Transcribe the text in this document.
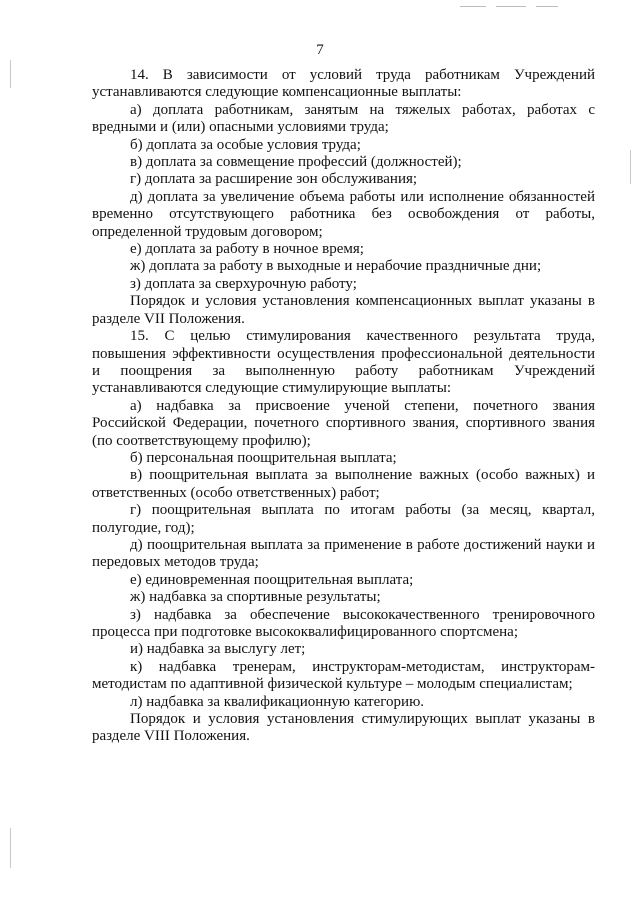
7

14. В зависимости от условий труда работникам Учреждений устанавливаются следующие компенсационные выплаты:

а) доплата работникам, занятым на тяжелых работах, работах с вредными и (или) опасными условиями труда;

б) доплата за особые условия труда;

в) доплата за совмещение профессий (должностей);

г) доплата за расширение зон обслуживания;

д) доплата за увеличение объема работы или исполнение обязанностей временно отсутствующего работника без освобождения от работы, определенной трудовым договором;

е) доплата за работу в ночное время;

ж) доплата за работу в выходные и нерабочие праздничные дни;

з) доплата за сверхурочную работу;

Порядок и условия установления компенсационных выплат указаны в разделе VII Положения.

15. С целью стимулирования качественного результата труда, повышения эффективности осуществления профессиональной деятельности и поощрения за выполненную работу работникам Учреждений устанавливаются следующие стимулирующие выплаты:

а) надбавка за присвоение ученой степени, почетного звания Российской Федерации, почетного спортивного звания, спортивного звания (по соответствующему профилю);

б) персональная поощрительная выплата;

в) поощрительная выплата за выполнение важных (особо важных) и ответственных (особо ответственных) работ;

г) поощрительная выплата по итогам работы (за месяц, квартал, полугодие, год);

д) поощрительная выплата за применение в работе достижений науки и передовых методов труда;

е) единовременная поощрительная выплата;

ж) надбавка за спортивные результаты;

з) надбавка за обеспечение высококачественного тренировочного процесса при подготовке высококвалифицированного спортсмена;

и) надбавка за выслугу лет;

к) надбавка тренерам, инструкторам-методистам, инструкторам-методистам по адаптивной физической культуре – молодым специалистам;

л) надбавка за квалификационную категорию.

Порядок и условия установления стимулирующих выплат указаны в разделе VIII Положения.
